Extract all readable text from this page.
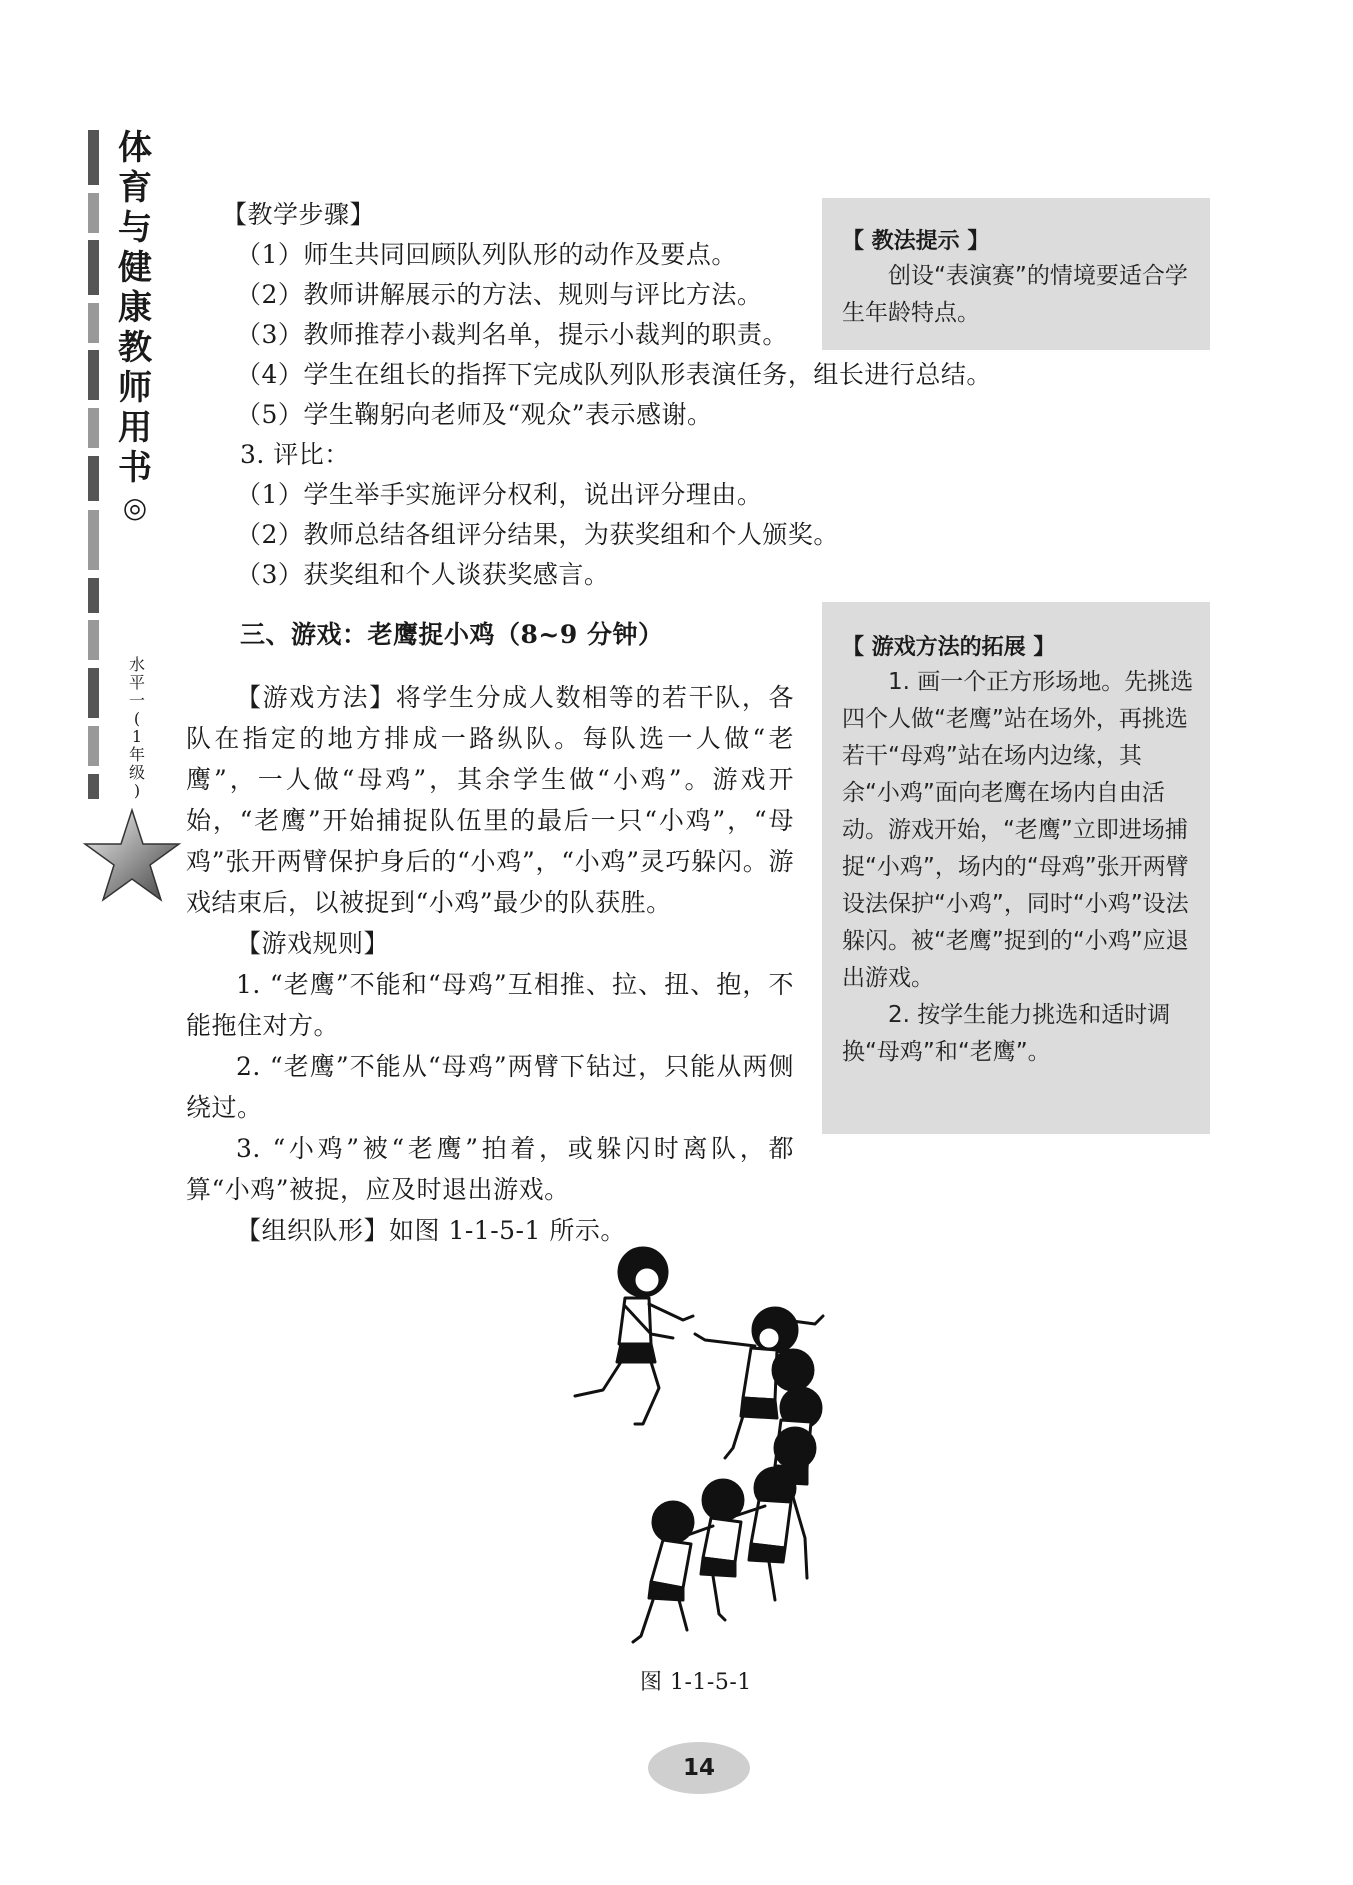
体
育
与
健
康
教
师
用
书
◎
水
平
一
(
1
年
级
)
【教学步骤】
（1）师生共同回顾队列队形的动作及要点。
（2）教师讲解展示的方法、规则与评比方法。
（3）教师推荐小裁判名单，提示小裁判的职责。
（4）学生在组长的指挥下完成队列队形表演任务，组长进行总结。
（5）学生鞠躬向老师及“观众”表示感谢。
3. 评比：
（1）学生举手实施评分权利，说出评分理由。
（2）教师总结各组评分结果，为获奖组和个人颁奖。
（3）获奖组和个人谈获奖感言。
三、游戏：老鹰捉小鸡（8~9 分钟）

【游戏方法】将学生分成人数相等的若干队，各队在指定的地方排成一路纵队。每队选一人做“老鹰”，一人做“母鸡”，其余学生做“小鸡”。游戏开始，“老鹰”开始捕捉队伍里的最后一只“小鸡”，“母鸡”张开两臂保护身后的“小鸡”，“小鸡”灵巧躲闪。游戏结束后，以被捉到“小鸡”最少的队获胜。

【游戏规则】

1. “老鹰”不能和“母鸡”互相推、拉、扭、抱，不能拖住对方。

2. “老鹰”不能从“母鸡”两臂下钻过，只能从两侧绕过。

3. “小鸡”被“老鹰”拍着，或躲闪时离队，都算“小鸡”被捉，应及时退出游戏。

【组织队形】如图 1-1-5-1 所示。

【 教法提示 】

创设“表演赛”的情境要适合学生年龄特点。

【 游戏方法的拓展 】

1. 画一个正方形场地。先挑选四个人做“老鹰”站在场外，再挑选若干“母鸡”站在场内边缘，其余“小鸡”面向老鹰在场内自由活动。游戏开始，“老鹰”立即进场捕捉“小鸡”，场内的“母鸡”张开两臂设法保护“小鸡”，同时“小鸡”设法躲闪。被“老鹰”捉到的“小鸡”应退出游戏。

2. 按学生能力挑选和适时调换“母鸡”和“老鹰”。

图 1-1-5-1
14
